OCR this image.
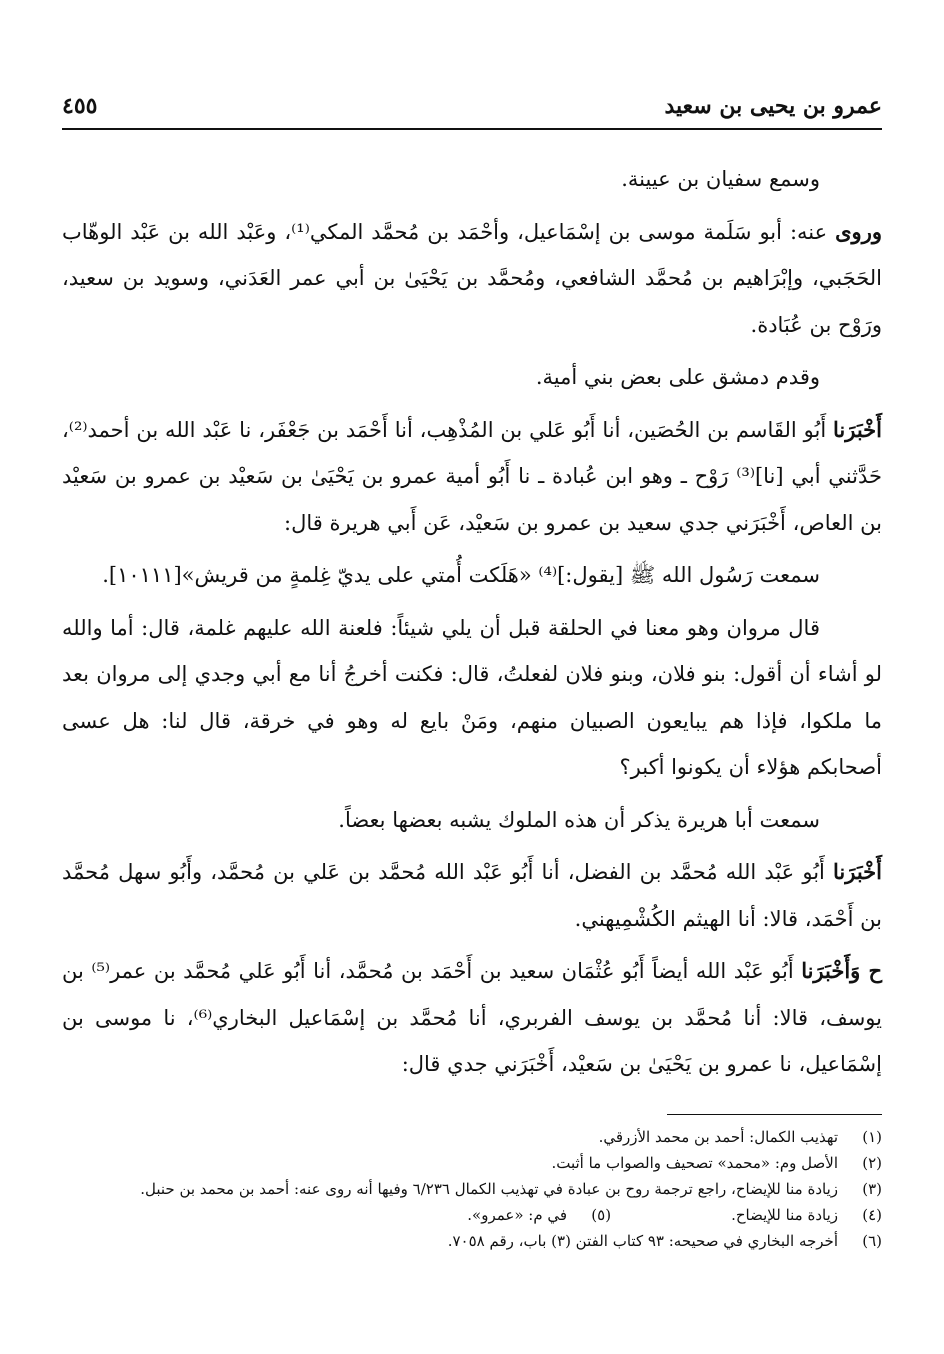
عمرو بن يحيى بن سعيد
٤٥٥

وسمع سفيان بن عيينة.

وروى عنه: أبو سَلَمة موسى بن إسْمَاعيل، وأحْمَد بن مُحمَّد المكي⁽¹⁾، وعَبْد الله بن عَبْد الوهّاب الحَجَبي، وإبْرَاهيم بن مُحمَّد الشافعي، ومُحمَّد بن يَحْيَىٰ بن أبي عمر العَدَني، وسويد بن سعيد، ورَوْح بن عُبَادة.

وقدم دمشق على بعض بني أمية.

أَخْبَرَنا أَبُو القَاسم بن الحُصَين، أنا أَبُو عَلي بن المُذْهِب، أنا أَحْمَد بن جَعْفَر، نا عَبْد الله بن أحمد⁽²⁾، حَدَّثني أبي [نا]⁽³⁾ رَوْح ـ وهو ابن عُبادة ـ نا أَبُو أمية عمرو بن يَحْيَىٰ بن سَعيْد بن عمرو بن سَعيْد بن العاص، أَخْبَرَني جدي سعيد بن عمرو بن سَعيْد، عَن أَبي هريرة قال:

سمعت رَسُول الله ﷺ [يقول:]⁽⁴⁾ «هَلَكت أُمتي على يديّ غِلمةٍ من قريش»[١٠١١١].

قال مروان وهو معنا في الحلقة قبل أن يلي شيئاً: فلعنة الله عليهم غلمة، قال: أما والله لو أشاء أن أقول: بنو فلان، وبنو فلان لفعلتُ، قال: فكنت أخرجُ أنا مع أبي وجدي إلى مروان بعد ما ملكوا، فإذا هم يبايعون الصبيان منهم، ومَنْ بايع له وهو في خرقة، قال لنا: هل عسى أصحابكم هؤلاء أن يكونوا أكبر؟

سمعت أبا هريرة يذكر أن هذه الملوك يشبه بعضها بعضاً.

أَخْبَرَنا أَبُو عَبْد الله مُحمَّد بن الفضل، أنا أَبُو عَبْد الله مُحمَّد بن عَلي بن مُحمَّد، وأَبُو سهل مُحمَّد بن أَحْمَد، قالا: أنا الهيثم الكُشْمِيهني.

ح وَأَخْبَرَنا أَبُو عَبْد الله أيضاً أَبُو عُثْمَان سعيد بن أَحْمَد بن مُحمَّد، أنا أَبُو عَلي مُحمَّد بن عمر⁽⁵⁾ بن يوسف، قالا: أنا مُحمَّد بن يوسف الفربري، أنا مُحمَّد بن إسْمَاعيل البخاري⁽⁶⁾، نا موسى بن إسْمَاعيل، نا عمرو بن يَحْيَىٰ بن سَعيْد، أَخْبَرَني جدي قال:

(١)
تهذيب الكمال: أحمد بن محمد الأزرقي.
(٢)
الأصل وم: «محمد» تصحيف والصواب ما أثبت.
(٣)
زيادة منا للإيضاح، راجع ترجمة روح بن عبادة في تهذيب الكمال ٦/٢٣٦ وفيها أنه روى عنه: أحمد بن محمد بن حنبل.
(٤)
زيادة منا للإيضاح.
(٥)
في م: «عمرو».
(٦)
أخرجه البخاري في صحيحه: ٩٣ كتاب الفتن (٣) باب، رقم ٧٠٥٨.
